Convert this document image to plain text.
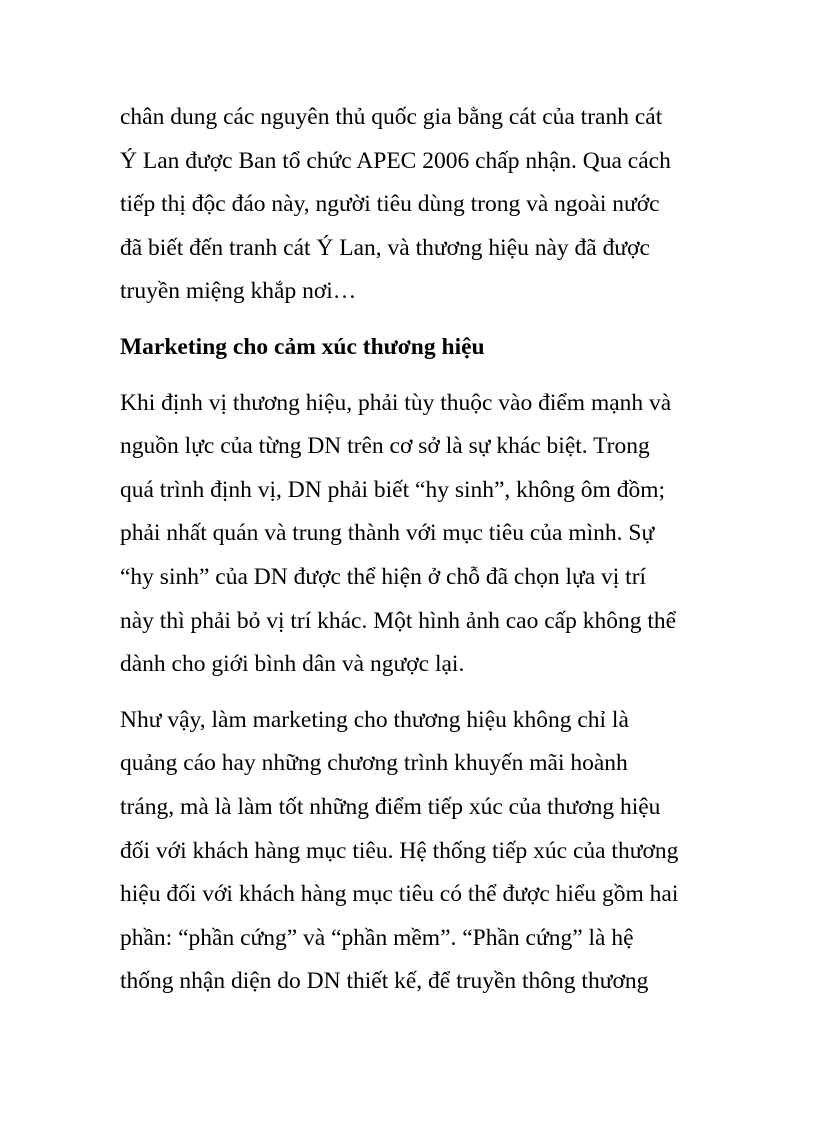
chân dung các nguyên thủ quốc gia bằng cát của tranh cát
Ý Lan được Ban tổ chức APEC 2006 chấp nhận. Qua cách
tiếp thị độc đáo này, người tiêu dùng trong và ngoài nước
đã biết đến tranh cát Ý Lan, và thương hiệu này đã được
truyền miệng khắp nơi…
Marketing cho cảm xúc thương hiệu
Khi định vị thương hiệu, phải tùy thuộc vào điểm mạnh và
nguồn lực của từng DN trên cơ sở là sự khác biệt. Trong
quá trình định vị, DN phải biết “hy sinh”, không ôm đồm;
phải nhất quán và trung thành với mục tiêu của mình. Sự
“hy sinh” của DN được thể hiện ở chỗ đã chọn lựa vị trí
này thì phải bỏ vị trí khác. Một hình ảnh cao cấp không thể
dành cho giới bình dân và ngược lại.
Như vậy, làm marketing cho thương hiệu không chỉ là
quảng cáo hay những chương trình khuyến mãi hoành
tráng, mà là làm tốt những điểm tiếp xúc của thương hiệu
đối với khách hàng mục tiêu. Hệ thống tiếp xúc của thương
hiệu đối với khách hàng mục tiêu có thể được hiểu gồm hai
phần: “phần cứng” và “phần mềm”. “Phần cứng” là hệ
thống nhận diện do DN thiết kế, để truyền thông thương
